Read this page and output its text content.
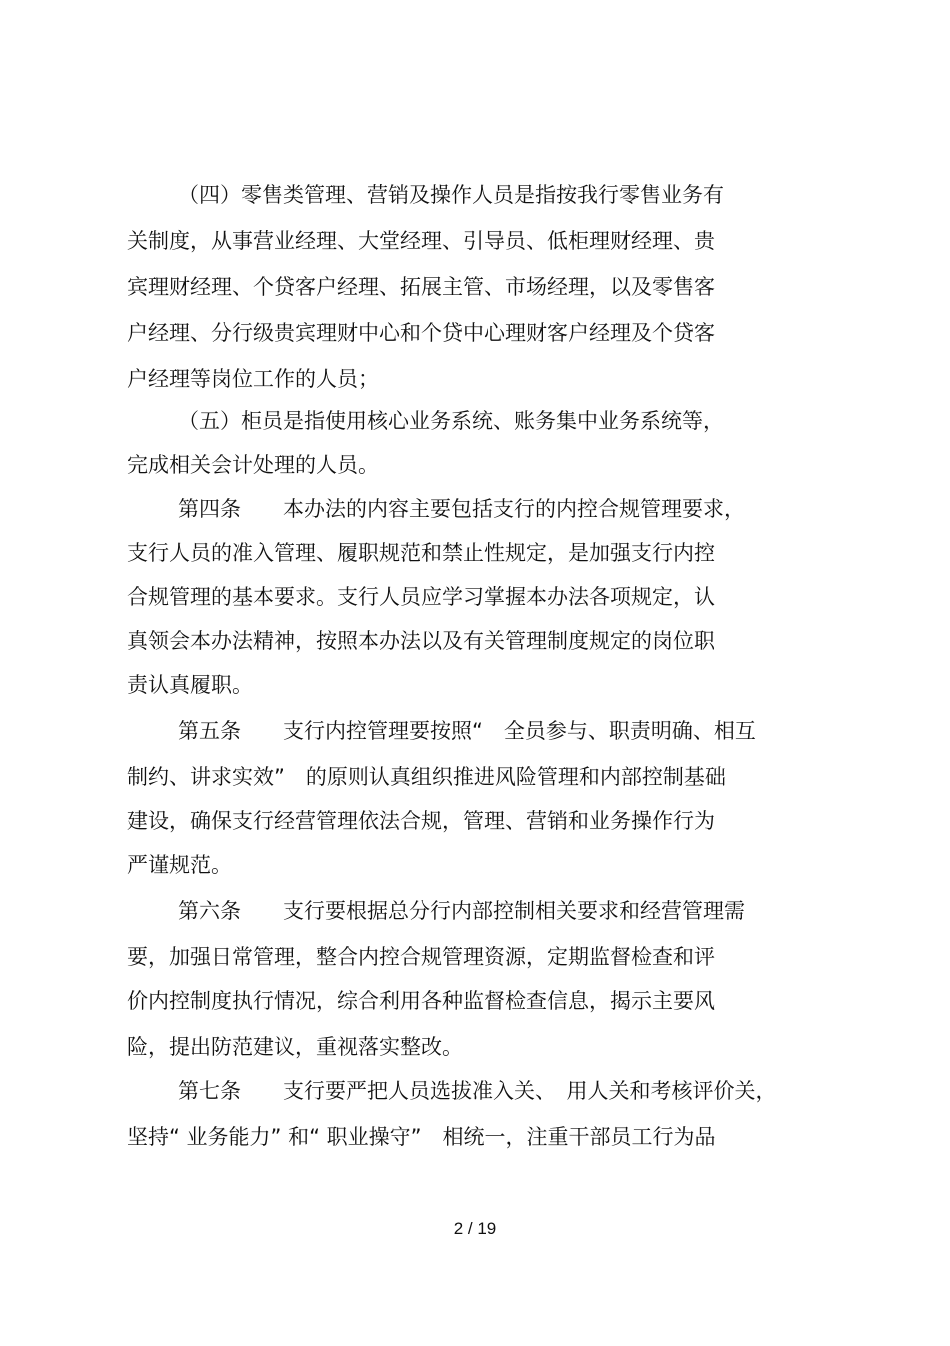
（四）零售类管理、营销及操作人员是指按我行零售业务有
关制度，从事营业经理、大堂经理、引导员、低柜理财经理、贵
宾理财经理、个贷客户经理、拓展主管、市场经理，以及零售客
户经理、分行级贵宾理财中心和个贷中心理财客户经理及个贷客
户经理等岗位工作的人员；
（五）柜员是指使用核心业务系统、账务集中业务系统等，
完成相关会计处理的人员。
第四条　　本办法的内容主要包括支行的内控合规管理要求，
支行人员的准入管理、履职规范和禁止性规定，是加强支行内控
合规管理的基本要求。支行人员应学习掌握本办法各项规定，认
真领会本办法精神，按照本办法以及有关管理制度规定的岗位职
责认真履职。
第五条　　支行内控管理要按照“　全员参与、职责明确、相互
制约、讲求实效”　的原则认真组织推进风险管理和内部控制基础
建设，确保支行经营管理依法合规，管理、营销和业务操作行为
严谨规范。
第六条　　支行要根据总分行内部控制相关要求和经营管理需
要，加强日常管理，整合内控合规管理资源，定期监督检查和评
价内控制度执行情况，综合利用各种监督检查信息，揭示主要风
险，提出防范建议，重视落实整改。
第七条　　支行要严把人员选拔准入关、　用人关和考核评价关，
坚持“ 业务能力” 和“ 职业操守”　相统一，注重干部员工行为品
2 / 19
